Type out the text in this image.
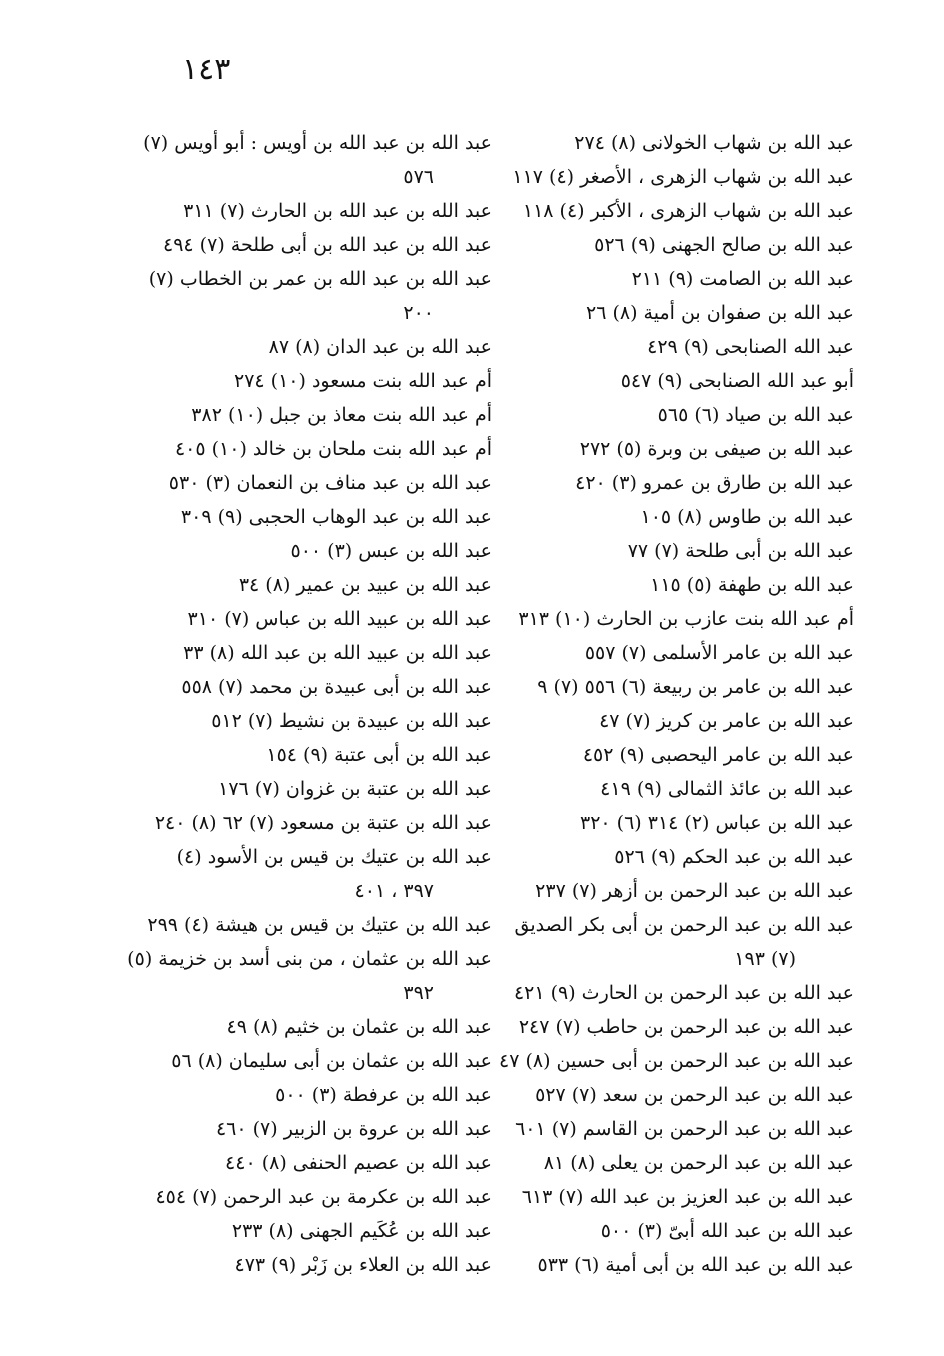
١٤٣
عبد الله بن شهاب الخولانى (٨) ٢٧٤
عبد الله بن شهاب الزهرى ، الأصغر (٤) ١١٧
عبد الله بن شهاب الزهرى ، الأكبر (٤) ١١٨
عبد الله بن صالح الجهنى (٩) ٥٢٦
عبد الله بن الصامت (٩) ٢١١
عبد الله بن صفوان بن أمية (٨) ٢٦
عبد الله الصنابحى (٩) ٤٢٩
أبو عبد الله الصنابحى (٩) ٥٤٧
عبد الله بن صياد (٦) ٥٦٥
عبد الله بن صيفى بن وبرة (٥) ٢٧٢
عبد الله بن طارق بن عمرو (٣) ٤٢٠
عبد الله بن طاوس (٨) ١٠٥
عبد الله بن أبى طلحة (٧) ٧٧
عبد الله بن طهفة (٥) ١١٥
أم عبد الله بنت عازب بن الحارث (١٠) ٣١٣
عبد الله بن عامر الأسلمى (٧) ٥٥٧
عبد الله بن عامر بن ربيعة (٦) ٥٥٦ (٧) ٩
عبد الله بن عامر بن كريز (٧) ٤٧
عبد الله بن عامر اليحصبى (٩) ٤٥٢
عبد الله بن عائذ الثمالى (٩) ٤١٩
عبد الله بن عباس (٢) ٣١٤ (٦) ٣٢٠
عبد الله بن عبد الحكم (٩) ٥٢٦
عبد الله بن عبد الرحمن بن أزهر (٧) ٢٣٧
عبد الله بن عبد الرحمن بن أبى بكر الصديق
(٧) ١٩٣
عبد الله بن عبد الرحمن بن الحارث (٩) ٤٢١
عبد الله بن عبد الرحمن بن حاطب (٧) ٢٤٧
عبد الله بن عبد الرحمن بن أبى حسين (٨) ٤٧
عبد الله بن عبد الرحمن بن سعد (٧) ٥٢٧
عبد الله بن عبد الرحمن بن القاسم (٧) ٦٠١
عبد الله بن عبد الرحمن بن يعلى (٨) ٨١
عبد الله بن عبد العزيز بن عبد الله (٧) ٦١٣
عبد الله بن عبد الله أبىّ (٣) ٥٠٠
عبد الله بن عبد الله بن أبى أمية (٦) ٥٣٣
عبد الله بن عبد الله بن أويس : أبو أويس (٧)
٥٧٦
عبد الله بن عبد الله بن الحارث (٧) ٣١١
عبد الله بن عبد الله بن أبى طلحة (٧) ٤٩٤
عبد الله بن عبد الله بن عمر بن الخطاب (٧)
٢٠٠
عبد الله بن عبد الدان (٨) ٨٧
أم عبد الله بنت مسعود (١٠) ٢٧٤
أم عبد الله بنت معاذ بن جبل (١٠) ٣٨٢
أم عبد الله بنت ملحان بن خالد (١٠) ٤٠٥
عبد الله بن عبد مناف بن النعمان (٣) ٥٣٠
عبد الله بن عبد الوهاب الحجبى (٩) ٣٠٩
عبد الله بن عبس (٣) ٥٠٠
عبد الله بن عبيد بن عمير (٨) ٣٤
عبد الله بن عبيد الله بن عباس (٧) ٣١٠
عبد الله بن عبيد الله بن عبد الله (٨) ٣٣
عبد الله بن أبى عبيدة بن محمد (٧) ٥٥٨
عبد الله بن عبيدة بن نشيط (٧) ٥١٢
عبد الله بن أبى عتبة (٩) ١٥٤
عبد الله بن عتبة بن غزوان (٧) ١٧٦
عبد الله بن عتبة بن مسعود (٧) ٦٢ (٨) ٢٤٠
عبد الله بن عتيك بن قيس بن الأسود (٤)
٣٩٧ ، ٤٠١
عبد الله بن عتيك بن قيس بن هيشة (٤) ٢٩٩
عبد الله بن عثمان ، من بنى أسد بن خزيمة (٥)
٣٩٢
عبد الله بن عثمان بن خثيم (٨) ٤٩
عبد الله بن عثمان بن أبى سليمان (٨) ٥٦
عبد الله بن عرفطة (٣) ٥٠٠
عبد الله بن عروة بن الزبير (٧) ٤٦٠
عبد الله بن عصيم الحنفى (٨) ٤٤٠
عبد الله بن عكرمة بن عبد الرحمن (٧) ٤٥٤
عبد الله بن عُكَيم الجهنى (٨) ٢٣٣
عبد الله بن العلاء بن زَبْر (٩) ٤٧٣
